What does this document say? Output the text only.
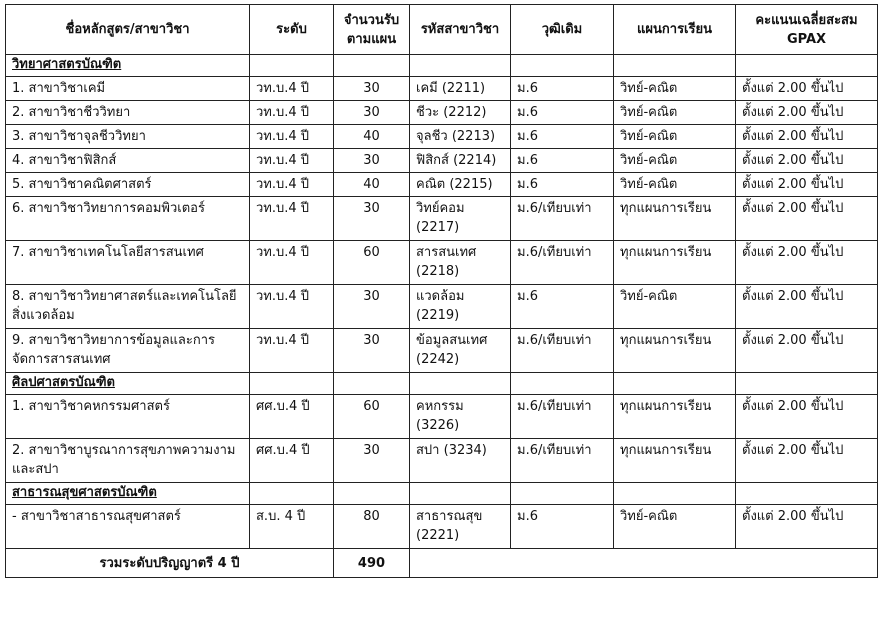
ชื่อหลักสูตร/สาขาวิชา	ระดับ	จำนวนรับตามแผน	รหัสสาขาวิชา	วุฒิเดิม	แผนการเรียน	คะแนนเฉลี่ยสะสม GPAX
วิทยาศาสตรบัณฑิต						
1. สาขาวิชาเคมี	วท.บ.4 ปี	30	เคมี (2211)	ม.6	วิทย์-คณิต	ตั้งแต่ 2.00 ขึ้นไป
2. สาขาวิชาชีววิทยา	วท.บ.4 ปี	30	ชีวะ (2212)	ม.6	วิทย์-คณิต	ตั้งแต่ 2.00 ขึ้นไป
3. สาขาวิชาจุลชีววิทยา	วท.บ.4 ปี	40	จุลชีว (2213)	ม.6	วิทย์-คณิต	ตั้งแต่ 2.00 ขึ้นไป
4. สาขาวิชาฟิสิกส์	วท.บ.4 ปี	30	ฟิสิกส์ (2214)	ม.6	วิทย์-คณิต	ตั้งแต่ 2.00 ขึ้นไป
5. สาขาวิชาคณิตศาสตร์	วท.บ.4 ปี	40	คณิต (2215)	ม.6	วิทย์-คณิต	ตั้งแต่ 2.00 ขึ้นไป
6. สาขาวิชาวิทยาการคอมพิวเตอร์	วท.บ.4 ปี	30	วิทย์คอม (2217)	ม.6/เทียบเท่า	ทุกแผนการเรียน	ตั้งแต่ 2.00 ขึ้นไป
7. สาขาวิชาเทคโนโลยีสารสนเทศ	วท.บ.4 ปี	60	สารสนเทศ (2218)	ม.6/เทียบเท่า	ทุกแผนการเรียน	ตั้งแต่ 2.00 ขึ้นไป
8. สาขาวิชาวิทยาศาสตร์และเทคโนโลยีสิ่งแวดล้อม	วท.บ.4 ปี	30	แวดล้อม (2219)	ม.6	วิทย์-คณิต	ตั้งแต่ 2.00 ขึ้นไป
9. สาขาวิชาวิทยาการข้อมูลและการจัดการสารสนเทศ	วท.บ.4 ปี	30	ข้อมูลสนเทศ (2242)	ม.6/เทียบเท่า	ทุกแผนการเรียน	ตั้งแต่ 2.00 ขึ้นไป
ศิลปศาสตรบัณฑิต						
1. สาขาวิชาคหกรรมศาสตร์	ศศ.บ.4 ปี	60	คหกรรม (3226)	ม.6/เทียบเท่า	ทุกแผนการเรียน	ตั้งแต่ 2.00 ขึ้นไป
2. สาขาวิชาบูรณาการสุขภาพความงามและสปา	ศศ.บ.4 ปี	30	สปา (3234)	ม.6/เทียบเท่า	ทุกแผนการเรียน	ตั้งแต่ 2.00 ขึ้นไป
สาธารณสุขศาสตรบัณฑิต						
- สาขาวิชาสาธารณสุขศาสตร์	ส.บ. 4 ปี	80	สาธารณสุข (2221)	ม.6	วิทย์-คณิต	ตั้งแต่ 2.00 ขึ้นไป
รวมระดับปริญญาตรี 4 ปี		490				
